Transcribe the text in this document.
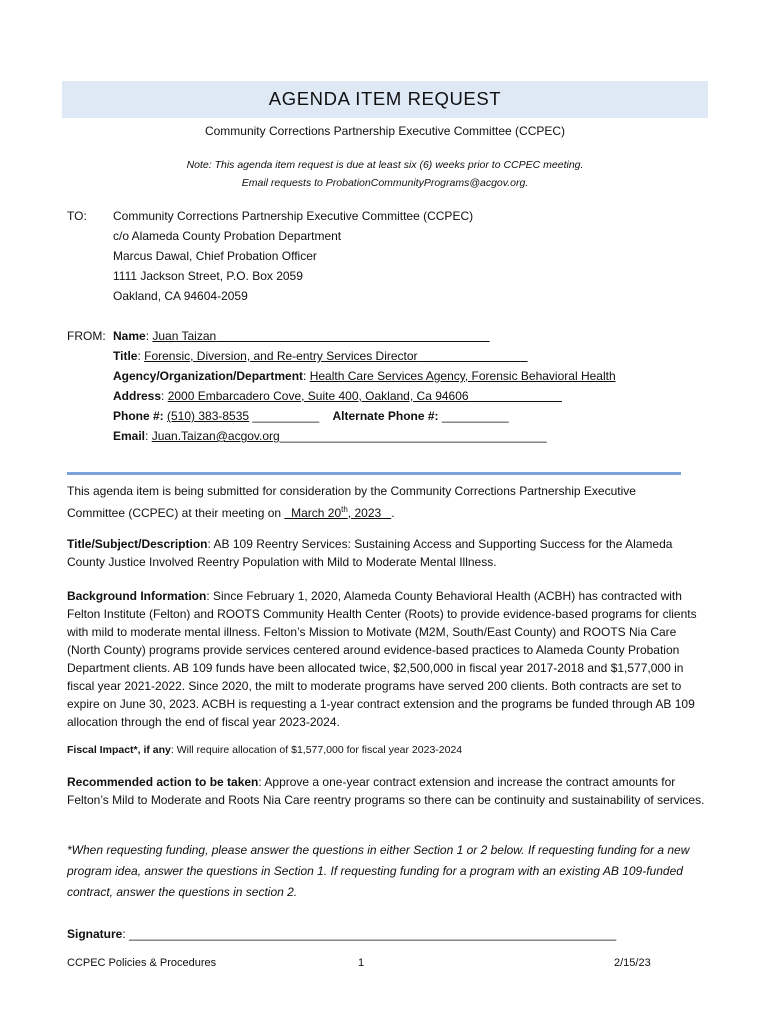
AGENDA ITEM REQUEST
Community Corrections Partnership Executive Committee (CCPEC)
Note: This agenda item request is due at least six (6) weeks prior to CCPEC meeting.
Email requests to ProbationCommunityPrograms@acgov.org.
TO: Community Corrections Partnership Executive Committee (CCPEC)
c/o Alameda County Probation Department
Marcus Dawal, Chief Probation Officer
1111 Jackson Street, P.O. Box 2059
Oakland, CA 94604-2059
FROM: Name: Juan Taizan
Title: Forensic, Diversion, and Re-entry Services Director
Agency/Organization/Department: Health Care Services Agency, Forensic Behavioral Health
Address: 2000 Embarcadero Cove, Suite 400, Oakland, Ca 94606
Phone #: (510) 383-8535 __________ Alternate Phone #: __________
Email: Juan.Taizan@acgov.org________________________________________
This agenda item is being submitted for consideration by the Community Corrections Partnership Executive
Committee (CCPEC) at their meeting on March 20th, 2023 .
Title/Subject/Description: AB 109 Reentry Services: Sustaining Access and Supporting Success for the Alameda County Justice Involved Reentry Population with Mild to Moderate Mental Illness.
Background Information: Since February 1, 2020, Alameda County Behavioral Health (ACBH) has contracted with Felton Institute (Felton) and ROOTS Community Health Center (Roots) to provide evidence-based programs for clients with mild to moderate mental illness. Felton’s Mission to Motivate (M2M, South/East County) and ROOTS Nia Care (North County) programs provide services centered around evidence-based practices to Alameda County Probation Department clients. AB 109 funds have been allocated twice, $2,500,000 in fiscal year 2017-2018 and $1,577,000 in fiscal year 2021-2022. Since 2020, the milt to moderate programs have served 200 clients. Both contracts are set to expire on June 30, 2023. ACBH is requesting a 1-year contract extension and the programs be funded through AB 109 allocation through the end of fiscal year 2023-2024.
Fiscal Impact*, if any: Will require allocation of $1,577,000 for fiscal year 2023-2024
Recommended action to be taken: Approve a one-year contract extension and increase the contract amounts for Felton’s Mild to Moderate and Roots Nia Care reentry programs so there can be continuity and sustainability of services.
*When requesting funding, please answer the questions in either Section 1 or 2 below. If requesting funding for a new program idea, answer the questions in Section 1. If requesting funding for a program with an existing AB 109-funded contract, answer the questions in section 2.
Signature: _________________________________________________________________________
CCPEC Policies & Procedures	1	2/15/23
